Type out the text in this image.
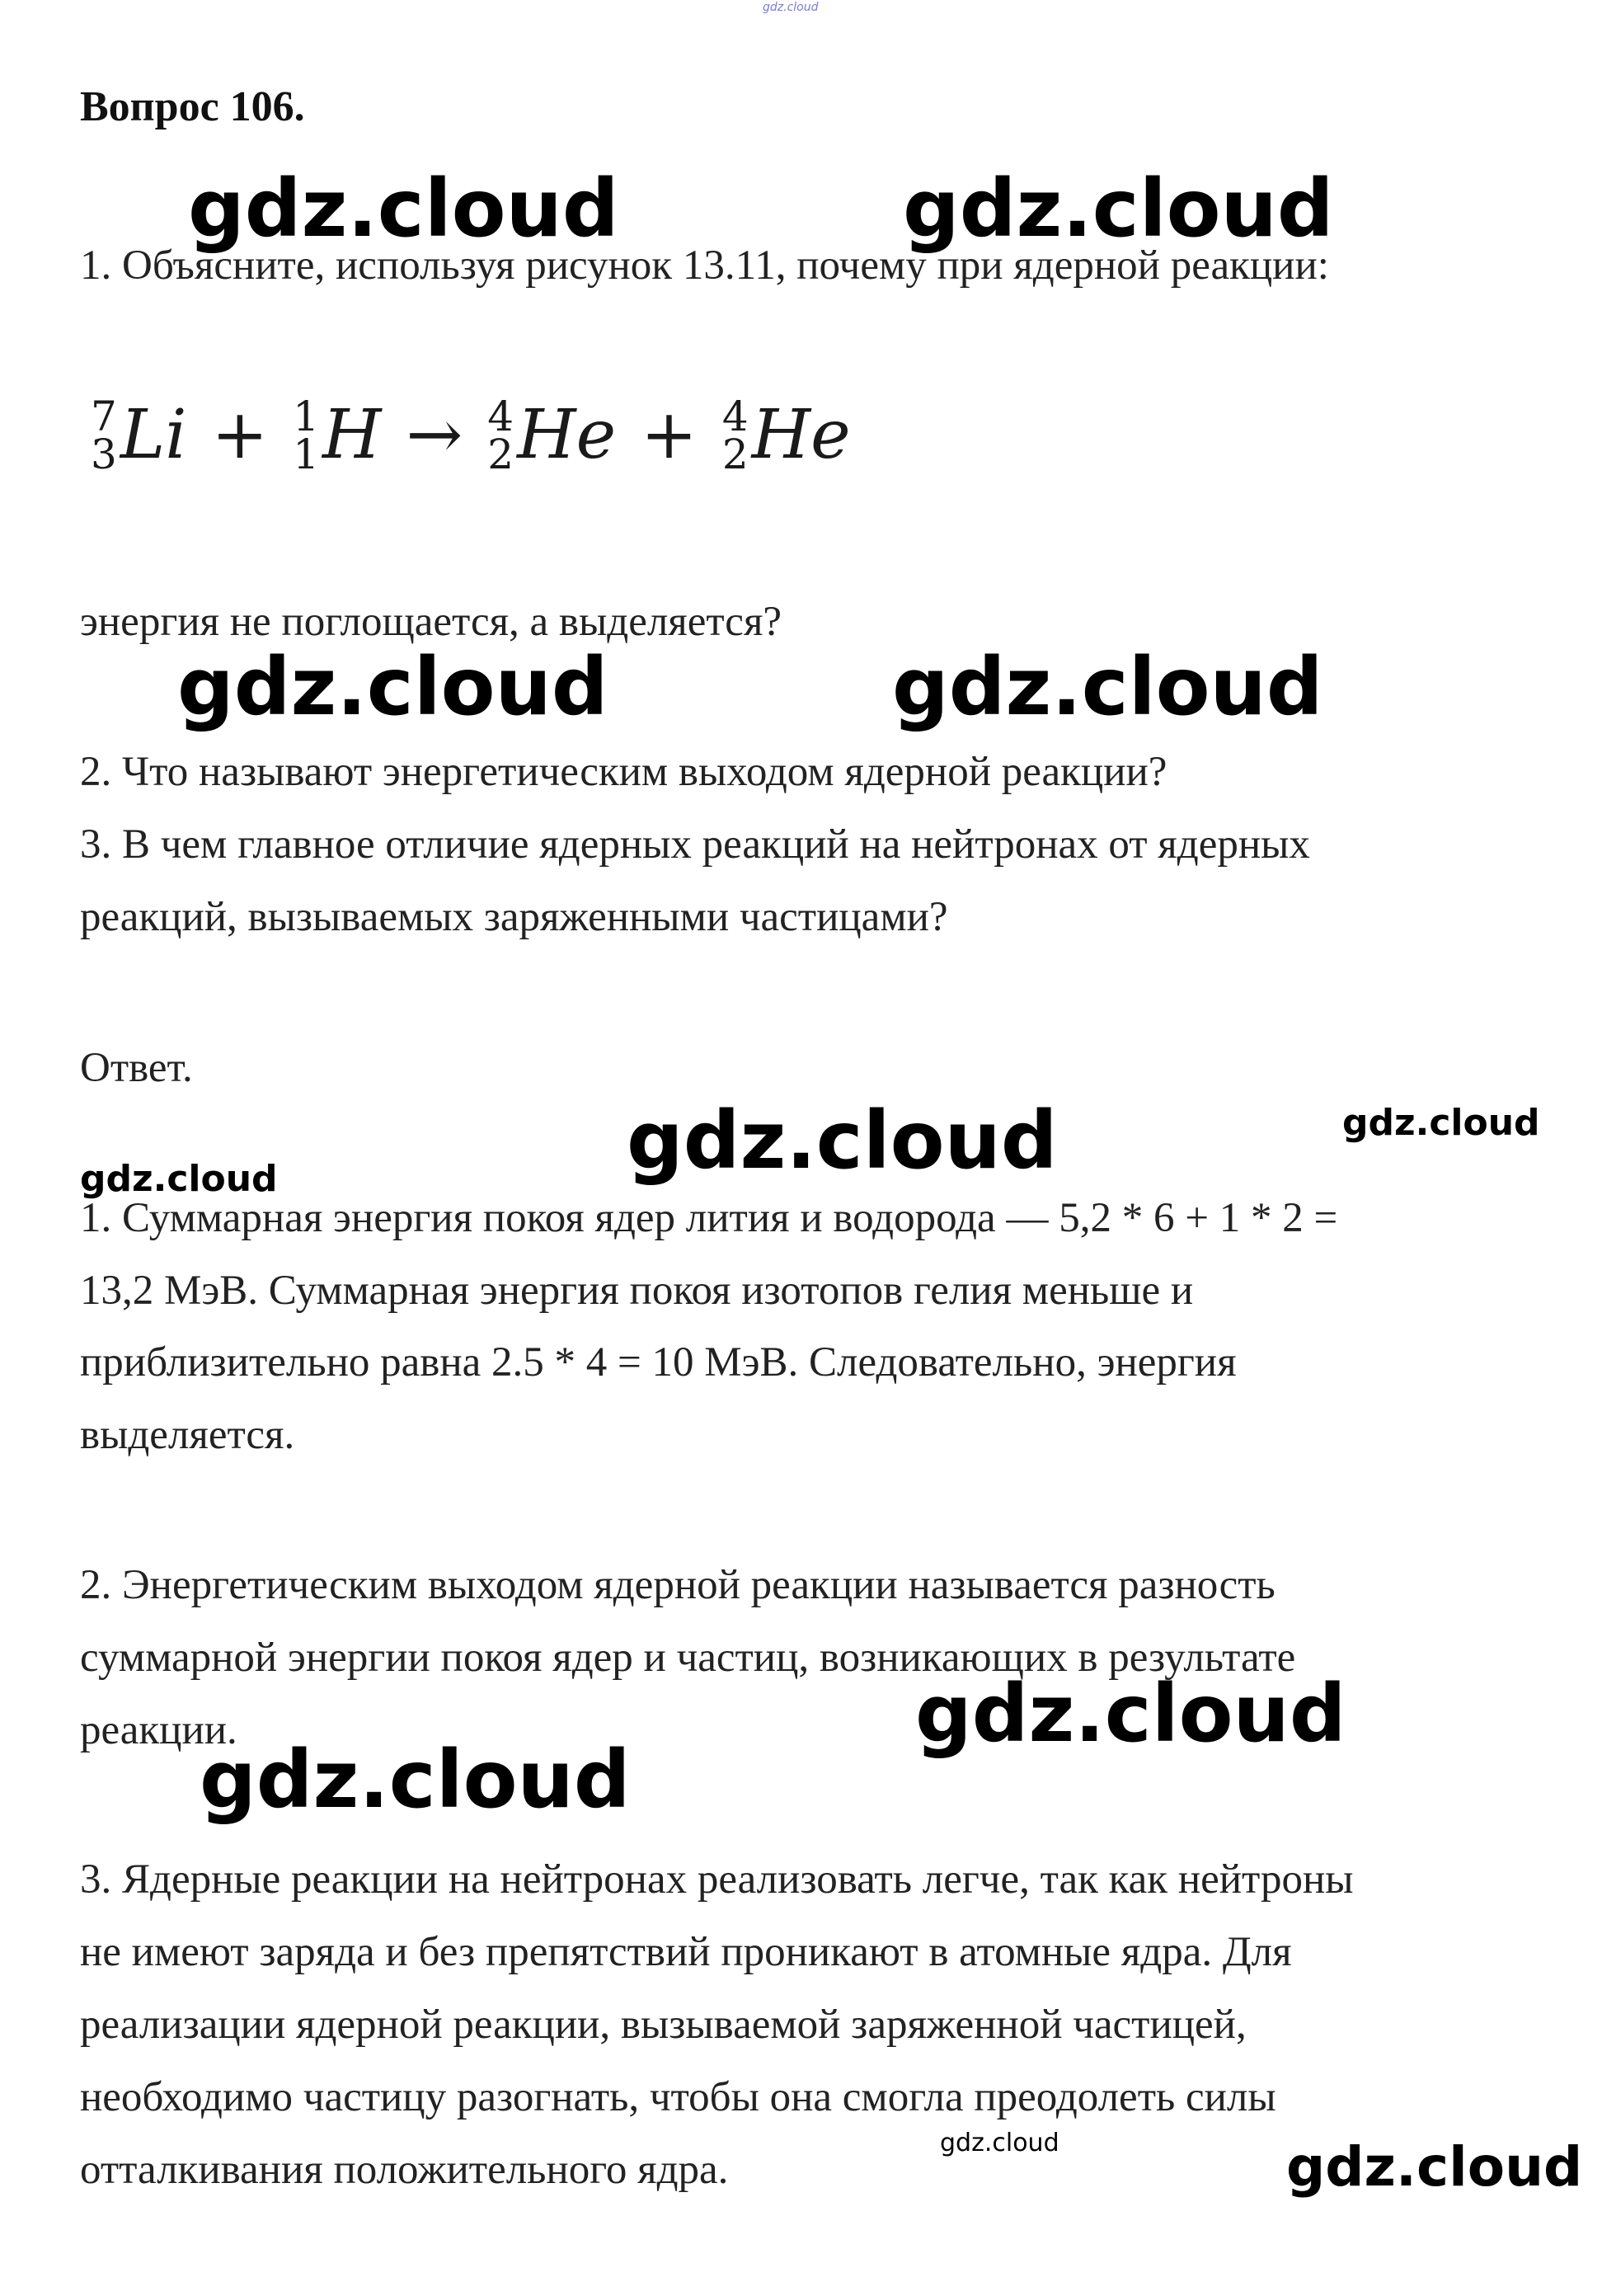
gdz.cloud
Вопрос 106.
1. Объясните, используя рисунок 13.11, почему при ядерной реакции:
7
3 Li + 1
1 H → 4
2 He + 4
2 He
энергия не поглощается, а выделяется?
2. Что называют энергетическим выходом ядерной реакции?
3. В чем главное отличие ядерных реакций на нейтронах от ядерных
реакций, вызываемых заряженными частицами?
Ответ.
1. Суммарная энергия покоя ядер лития и водорода — 5,2 * 6 + 1 * 2 =
13,2 МэВ. Суммарная энергия покоя изотопов гелия меньше и
приблизительно равна 2.5 * 4 = 10 МэВ. Следовательно, энергия
выделяется.
2. Энергетическим выходом ядерной реакции называется разность
суммарной энергии покоя ядер и частиц, возникающих в результате
реакции.
3. Ядерные реакции на нейтронах реализовать легче, так как нейтроны
не имеют заряда и без препятствий проникают в атомные ядра. Для
реализации ядерной реакции, вызываемой заряженной частицей,
необходимо частицу разогнать, чтобы она смогла преодолеть силы
отталкивания положительного ядра.
gdz.cloud	gdz.cloud
gdz.cloud	gdz.cloud
gdz.cloud	gdz.cloud
gdz.cloud
gdz.cloud
gdz.cloud
gdz.cloud	gdz.cloud
